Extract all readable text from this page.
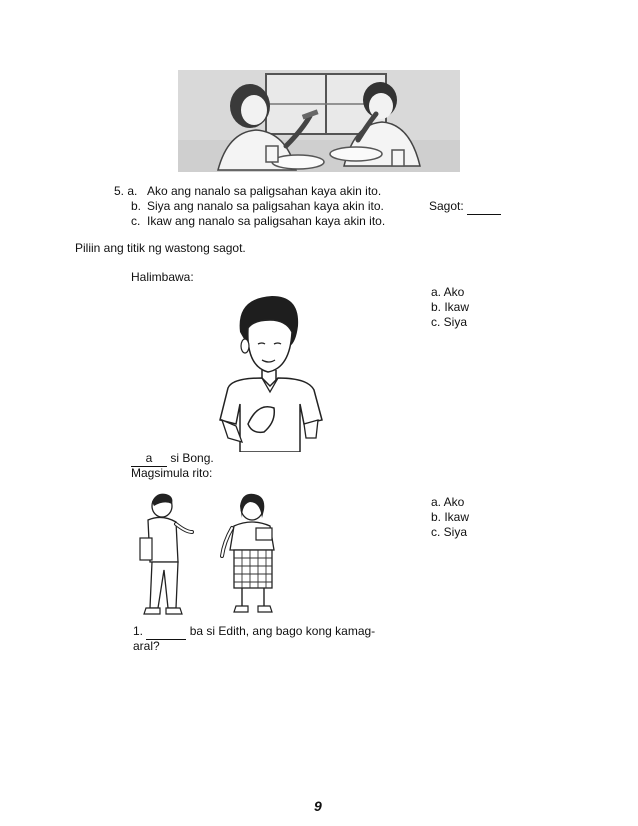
5. a. Ako ang nanalo sa paligsahan kaya akin ito.
b. Siya ang nanalo sa paligsahan kaya akin ito.
c. Ikaw ang nanalo sa paligsahan kaya akin ito.
Sagot:
Piliin ang titik ng wastong sagot.
Halimbawa:
a. Ako
b. Ikaw
c. Siya
a si Bong.
Magsimula rito:
a. Ako
b. Ikaw
c. Siya
1.	ba si Edith, ang bago kong kamag-
aral?
9
